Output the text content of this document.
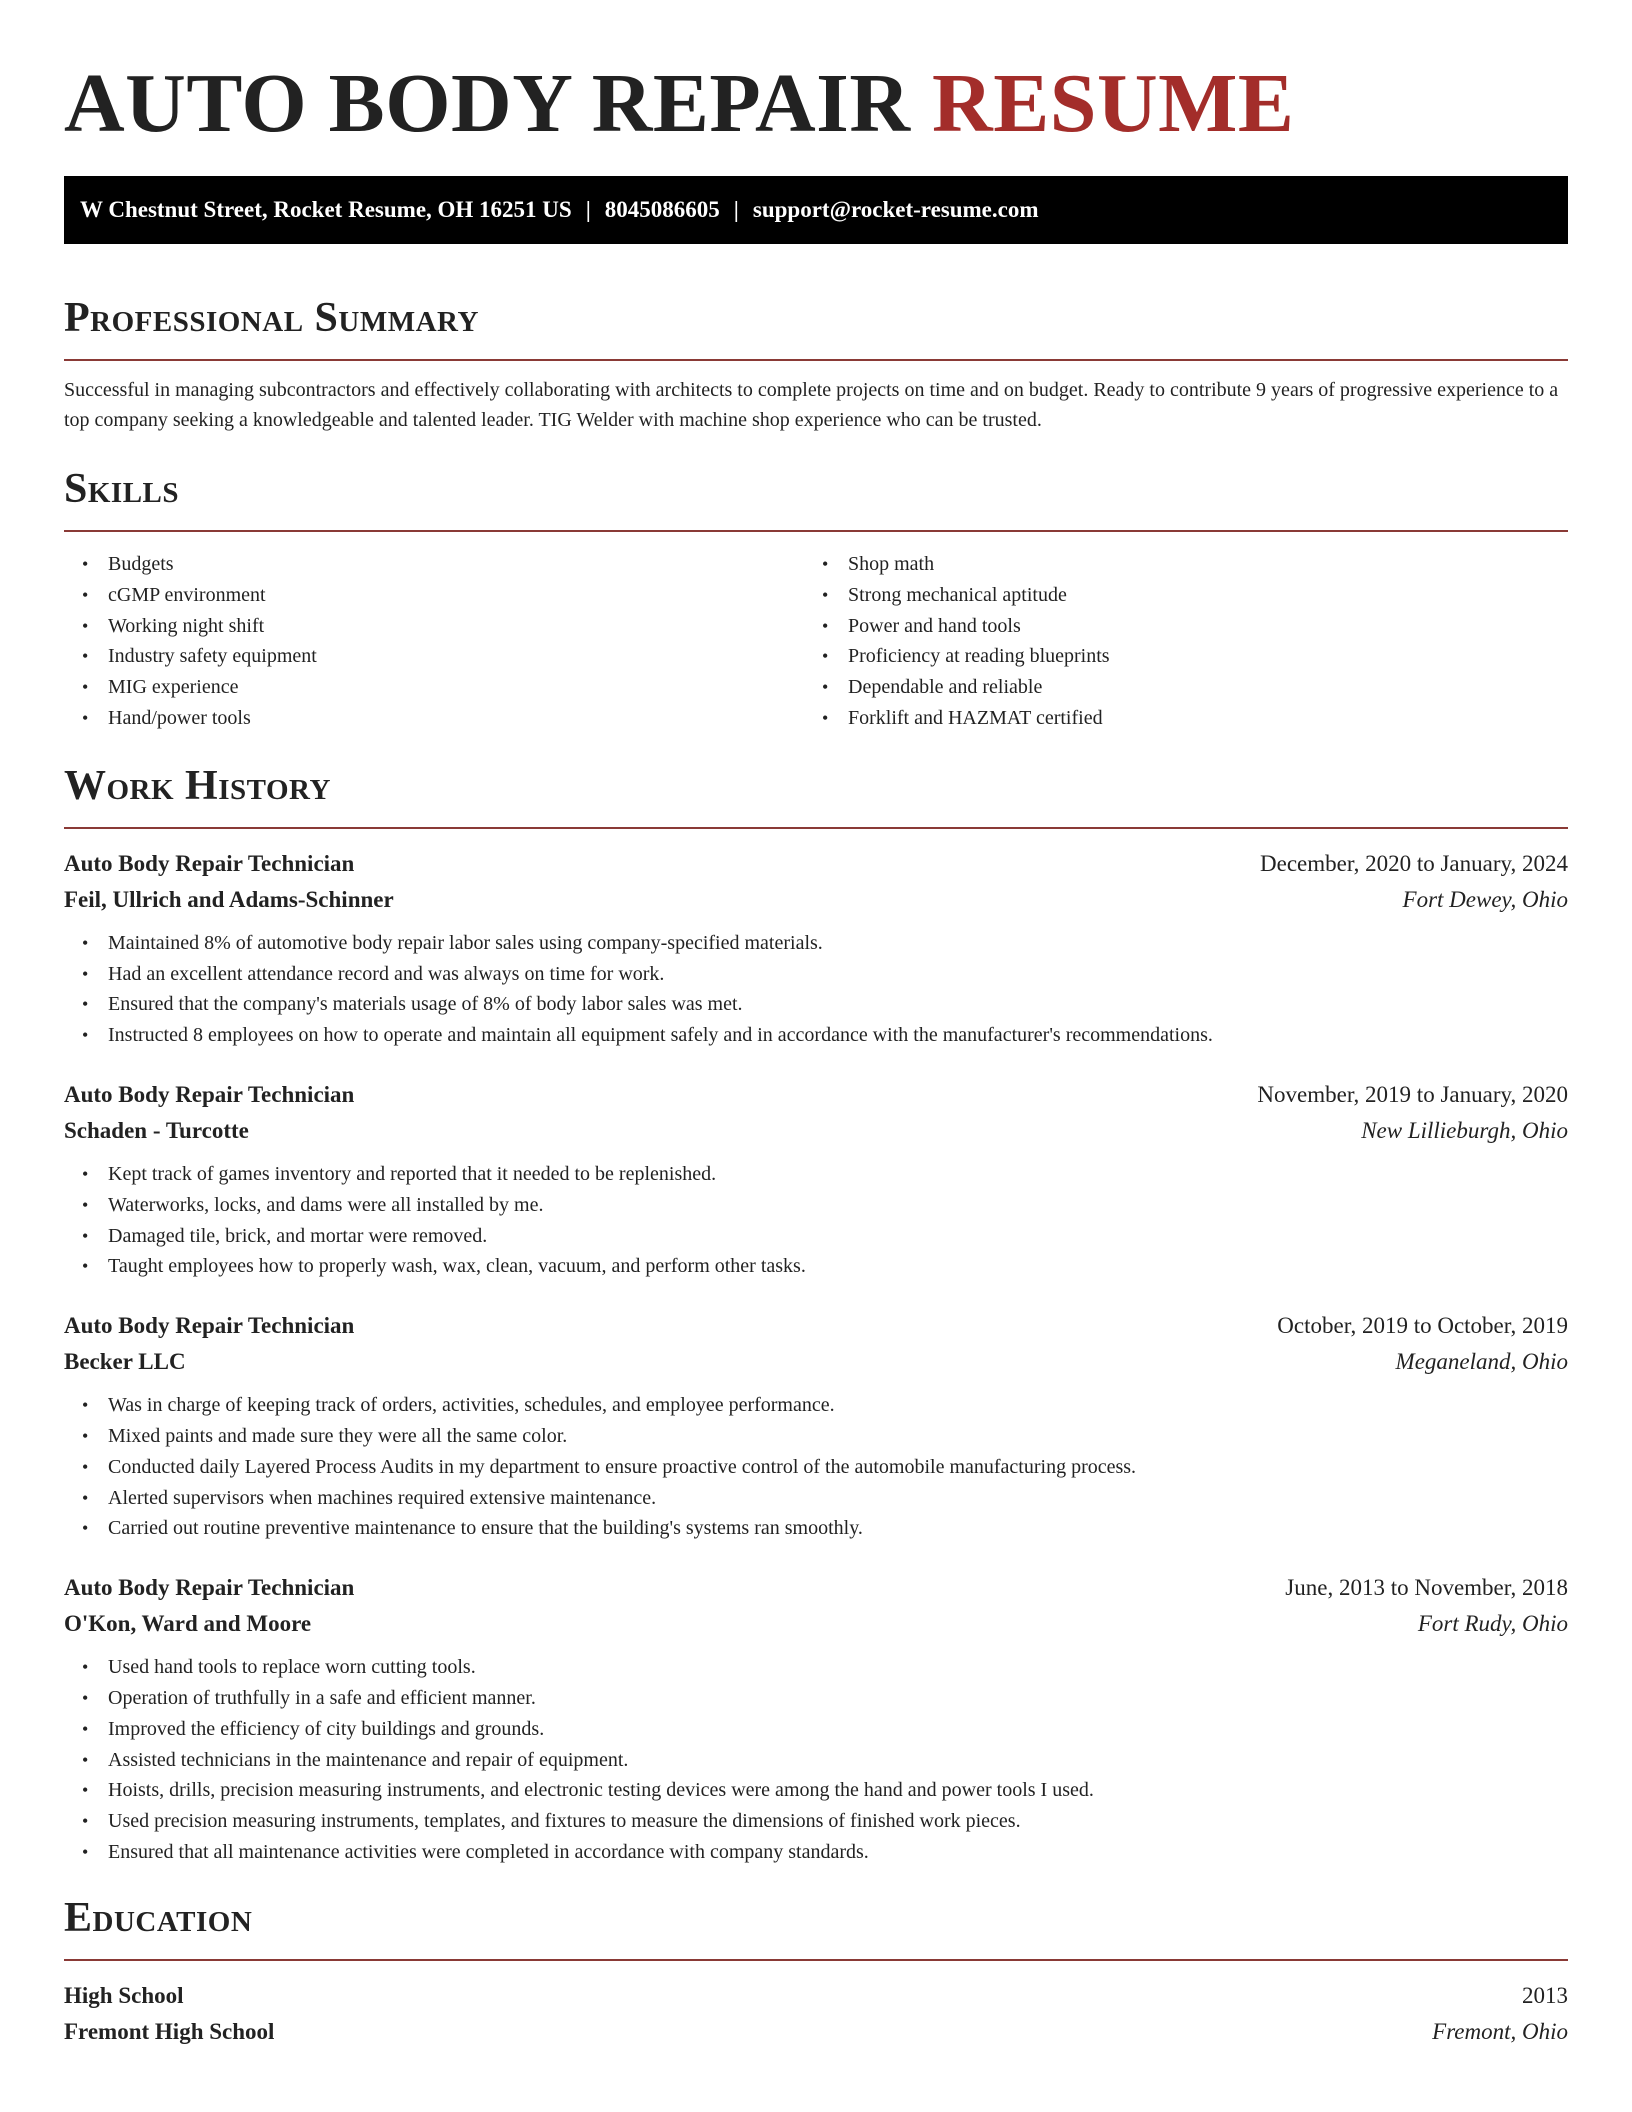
AUTO BODY REPAIR RESUME
W Chestnut Street, Rocket Resume, OH 16251 US | 8045086605 | support@rocket-resume.com
Professional Summary

Successful in managing subcontractors and effectively collaborating with architects to complete projects on time and on budget. Ready to contribute 9 years of progressive experience to a top company seeking a knowledgeable and talented leader. TIG Welder with machine shop experience who can be trusted.

Skills
• Budgets
• cGMP environment
• Working night shift
• Industry safety equipment
• MIG experience
• Hand/power tools
• Shop math
• Strong mechanical aptitude
• Power and hand tools
• Proficiency at reading blueprints
• Dependable and reliable
• Forklift and HAZMAT certified
Work History
Auto Body Repair Technician	December, 2020 to January, 2024
Feil, Ullrich and Adams-Schinner	Fort Dewey, Ohio
• Maintained 8% of automotive body repair labor sales using company-specified materials.
• Had an excellent attendance record and was always on time for work.
• Ensured that the company's materials usage of 8% of body labor sales was met.
• Instructed 8 employees on how to operate and maintain all equipment safely and in accordance with the manufacturer's recommendations.
Auto Body Repair Technician	November, 2019 to January, 2020
Schaden - Turcotte	New Lillieburgh, Ohio
• Kept track of games inventory and reported that it needed to be replenished.
• Waterworks, locks, and dams were all installed by me.
• Damaged tile, brick, and mortar were removed.
• Taught employees how to properly wash, wax, clean, vacuum, and perform other tasks.
Auto Body Repair Technician	October, 2019 to October, 2019
Becker LLC	Meganeland, Ohio
• Was in charge of keeping track of orders, activities, schedules, and employee performance.
• Mixed paints and made sure they were all the same color.
• Conducted daily Layered Process Audits in my department to ensure proactive control of the automobile manufacturing process.
• Alerted supervisors when machines required extensive maintenance.
• Carried out routine preventive maintenance to ensure that the building's systems ran smoothly.
Auto Body Repair Technician	June, 2013 to November, 2018
O'Kon, Ward and Moore	Fort Rudy, Ohio
• Used hand tools to replace worn cutting tools.
• Operation of truthfully in a safe and efficient manner.
• Improved the efficiency of city buildings and grounds.
• Assisted technicians in the maintenance and repair of equipment.
• Hoists, drills, precision measuring instruments, and electronic testing devices were among the hand and power tools I used.
• Used precision measuring instruments, templates, and fixtures to measure the dimensions of finished work pieces.
• Ensured that all maintenance activities were completed in accordance with company standards.
Education
High School	2013
Fremont High School	Fremont, Ohio
